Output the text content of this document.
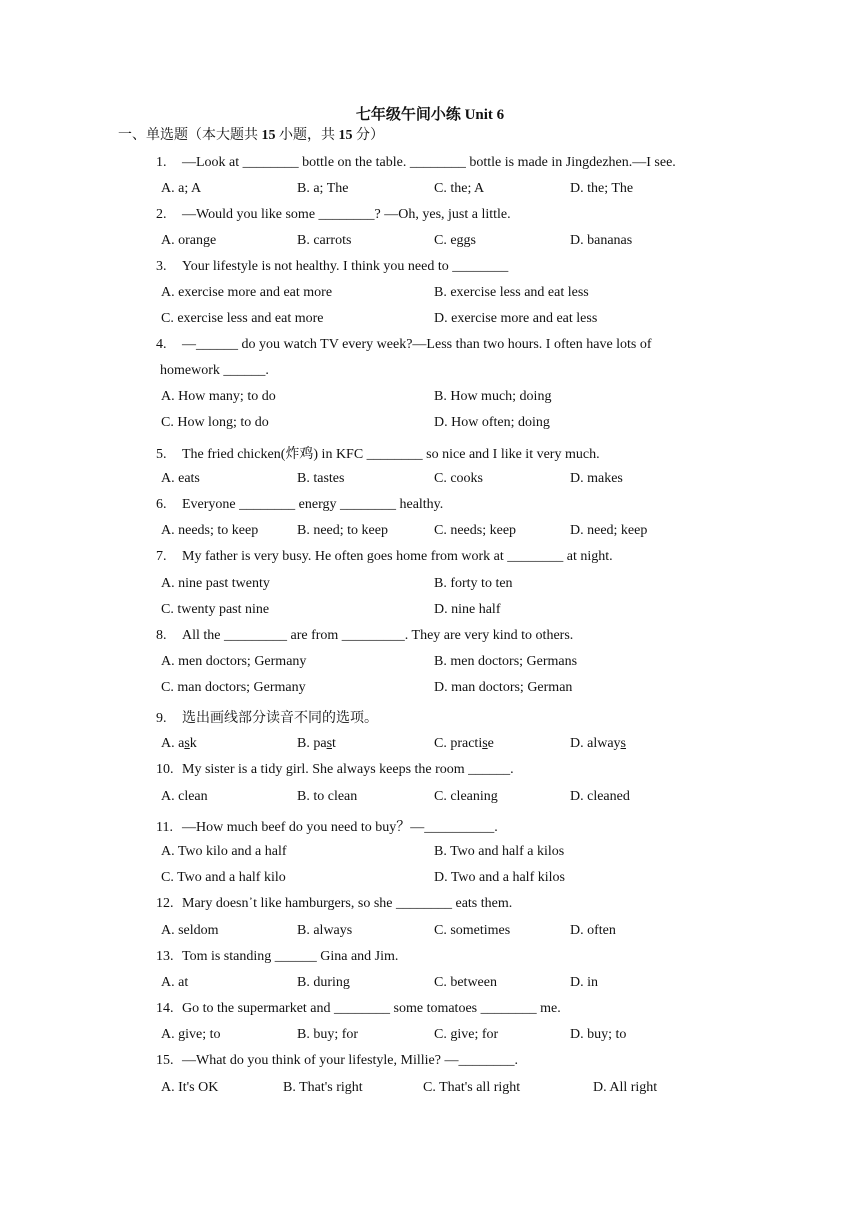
七年级午间小练 Unit 6
一、单选题（本大题共 15 小题，共 15 分）
1. —Look at ________ bottle on the table. ________ bottle is made in Jingdezhen.—I see.
A. a; A	B. a; The	C. the; A	D. the; The
2. —Would you like some ________? —Oh, yes, just a little.
A. orange	B. carrots	C. eggs	D. bananas
3. Your lifestyle is not healthy. I think you need to ________
A. exercise more and eat more	B. exercise less and eat less
C. exercise less and eat more	D. exercise more and eat less
4. —______ do you watch TV every week?—Less than two hours. I often have lots of
homework ______.
A. How many; to do	B. How much; doing
C. How long; to do	D. How often; doing
5. The fried chicken(炸鸡) in KFC ________ so nice and I like it very much.
A. eats	B. tastes	C. cooks	D. makes
6. Everyone ________ energy ________ healthy.
A. needs; to keep	B. need; to keep	C. needs; keep	D. need; keep
7. My father is very busy. He often goes home from work at ________ at night.
A. nine past twenty	B. forty to ten
C. twenty past nine	D. nine half
8. All the _________ are from _________. They are very kind to others.
A. men doctors; Germany	B. men doctors; Germans
C. man doctors; Germany	D. man doctors; German
9. 选出画线部分读音不同的选项。
A. ask	B. past	C. practise	D. always
10. My sister is a tidy girl. She always keeps the room ______.
A. clean	B. to clean	C. cleaning	D. cleaned
11. —How much beef do you need to buy？—__________.
A. Two kilo and a half	B. Two and half a kilos
C. Two and a half kilo	D. Two and a half kilos
12. Mary doesn᾿t like hamburgers, so she ________ eats them.
A. seldom	B. always	C. sometimes	D. often
13. Tom is standing ______ Gina and Jim.
A. at	B. during	C. between	D. in
14. Go to the supermarket and ________ some tomatoes ________ me.
A. give; to	B. buy; for	C. give; for	D. buy; to
15. —What do you think of your lifestyle, Millie? —________.
A. It's OK	B. That's right	C. That's all right	D. All right
